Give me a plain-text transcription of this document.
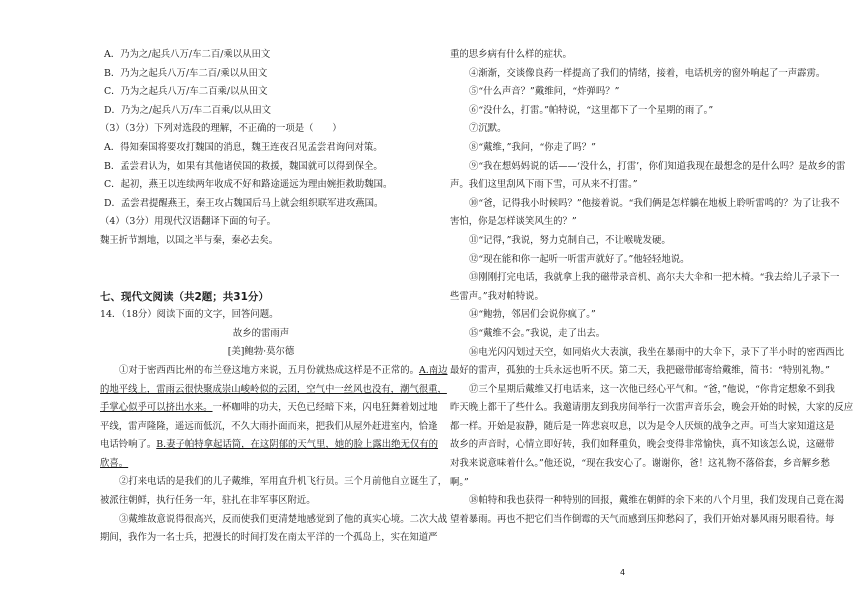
A．乃为之/起兵八万/车二百/乘以从田文
B．乃为之起兵八万/车二百/乘以从田文
C．乃为之起兵八万/车二百乘/以从田文
D．乃为之/起兵八万/车二百乘/以从田文
（3）（3分）下列对选段的理解，不正确的一项是（　　）
A．得知秦国将要攻打魏国的消息，魏王连夜召见孟尝君询问对策。
B．孟尝君认为，如果有其他诸侯国的救援，魏国就可以得到保全。
C．起初，燕王以连续两年收成不好和路途遥远为理由婉拒救助魏国。
D．孟尝君提醒燕王，秦王攻占魏国后马上就会组织联军进攻燕国。
（4）（3分）用现代汉语翻译下面的句子。
魏王折节割地，以国之半与秦，秦必去矣。
七、现代文阅读（共2题；共31分）
14．（18分）阅读下面的文字，回答问题。
故乡的雷雨声
[美]鲍勃·莫尔德
①对于密西西比州的布兰登这地方来说，五月份就热成这样是不正常的。A.南边
的地平线上，雷雨云很快聚成崇山峻岭似的云团，空气中一丝风也没有，潮气很重，
手掌心似乎可以挤出水来。一杯咖啡的功夫，天色已经暗下来，闪电狂舞着划过地
平线，雷声隆隆，遥远而低沉，不久大雨扑面而来，把我们从屋外赶进室内，恰逢
电话铃响了。B.妻子帕特拿起话筒，在这阴郁的天气里，她的脸上露出绝无仅有的
欣喜。
②打来电话的是我们的儿子戴维，军用直升机飞行员。三个月前他自立诞生了，
被派往朝鲜，执行任务一年，驻扎在非军事区附近。
③戴维故意说得很高兴，反而使我们更清楚地感觉到了他的真实心境。二次大战
期间，我作为一名士兵，把漫长的时间打发在南太平洋的一个孤岛上，实在知道严
重的思乡病有什么样的症状。
④渐渐，交谈像良药一样提高了我们的情绪，接着，电话机旁的窗外响起了一声霹雳。
⑤“什么声音？”戴维问，“炸弹吗？”
⑥“没什么，打雷。”帕特说，“这里都下了一个星期的雨了。”
⑦沉默。
⑧“戴维，”我问，“你走了吗？”
⑨“我在想妈妈说的话——‘没什么，打雷’，你们知道我现在最想念的是什么吗？是故乡的雷
声。我们这里刮风下雨下雪，可从来不打雷。”
⑩“爸，记得我小时候吗？”他接着说。“我们俩是怎样躺在地板上聆听雷鸣的？为了让我不
害怕，你是怎样谈笑风生的？”
⑪“记得，”我说，努力克制自己，不让喉咙发硬。
⑫“现在能和你一起听一听雷声就好了。”他轻轻地说。
⑬刚刚打完电话，我就拿上我的磁带录音机、高尔夫大伞和一把木椅。“我去给儿子录下一
些雷声。”我对帕特说。
⑭“鲍勃，邻居们会说你疯了。”
⑮“戴维不会。”我说，走了出去。
⑯电光闪闪划过天空，如同焰火大表演，我坐在暴雨中的大伞下，录下了半小时的密西西比
最好的雷声，孤独的士兵永远也听不厌。第二天，我把磁带邮寄给戴维，简书：“特别礼物。”
⑰三个星期后戴维又打电话来，这一次他已经心平气和。“爸，”他说，“你肯定想象不到我
昨天晚上都干了些什么。我邀请朋友到我房间举行一次雷声音乐会，晚会开始的时候，大家的反应
都一样。开始是寂静，随后是一阵悲哀叹息，以为是令人厌烦的战争之声。可当大家知道这是
故乡的声音时，心情立即好转，我们如释重负，晚会变得非常愉快，真不知该怎么说，这磁带
对我来说意味着什么。”他还说，“现在我安心了。谢谢你，爸！这礼物不落俗套，乡音解乡愁
啊。”
⑱帕特和我也获得一种特别的回报，戴维在朝鲜的余下来的八个月里，我们发现自己竟在渴
望着暴雨。再也不把它们当作倒霉的天气而感到压抑愁闷了，我们开始对暴风雨另眼看待。每
4
